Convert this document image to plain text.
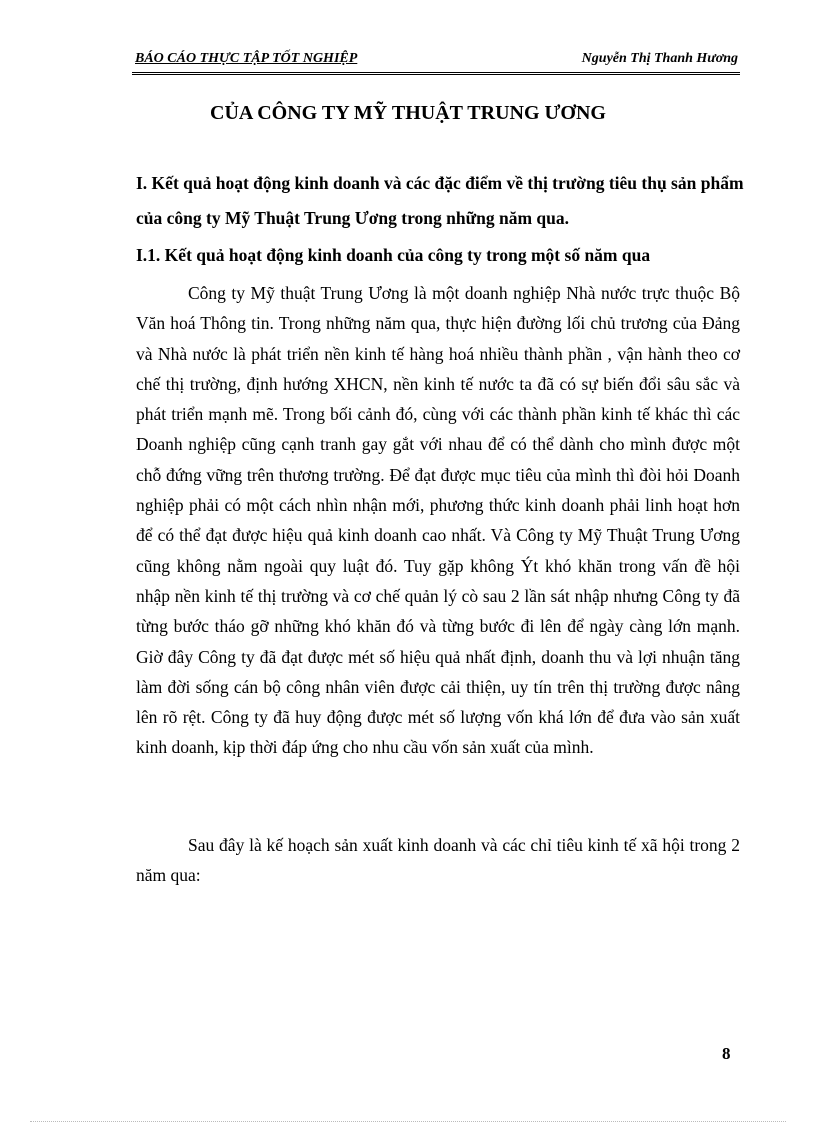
BÁO CÁO THỰC TẬP TỐT NGHIỆP	Nguyễn Thị Thanh Hương
CỦA CÔNG TY MỸ THUẬT TRUNG ƯƠNG
I. Kết quả hoạt động kinh doanh và các đặc điểm về thị trường tiêu thụ sản phẩm của công ty Mỹ Thuật Trung Ương trong những năm qua.
I.1. Kết quả hoạt động kinh doanh của công ty trong một số năm qua

Công ty Mỹ thuật Trung Ương là một doanh nghiệp Nhà nước trực thuộc Bộ Văn hoá Thông tin. Trong những năm qua, thực hiện đường lối chủ trương của Đảng và Nhà nước là phát triển nền kinh tế hàng hoá nhiều thành phần , vận hành theo cơ chế thị trường, định hướng XHCN, nền kinh tế nước ta đã có sự biến đổi sâu sắc và phát triển mạnh mẽ. Trong bối cảnh đó, cùng với các thành phần kinh tế khác thì các Doanh nghiệp cũng cạnh tranh gay gắt với nhau để có thể dành cho mình được một chỗ đứng vững trên thương trường. Để đạt được mục tiêu của mình thì đòi hỏi Doanh nghiệp phải có một cách nhìn nhận mới, phương thức kinh doanh phải linh hoạt hơn để có thể đạt được hiệu quả kinh doanh cao nhất. Và Công ty Mỹ Thuật Trung Ương cũng không nằm ngoài quy luật đó. Tuy gặp không Ýt khó khăn trong vấn đề hội nhập nền kinh tế thị trường và cơ chế quản lý cò sau 2 lần sát nhập nhưng Công ty đã từng bước tháo gỡ những khó khăn đó và từng bước đi lên để ngày càng lớn mạnh. Giờ đây Công ty đã đạt được mét số hiệu quả nhất định, doanh thu và lợi nhuận tăng làm đời sống cán bộ công nhân viên được cải thiện, uy tín trên thị trường được nâng lên rõ rệt. Công ty đã huy động được mét số lượng vốn khá lớn để đưa vào sản xuất kinh doanh, kịp thời đáp ứng cho nhu cầu vốn sản xuất của mình.

Sau đây là kế hoạch sản xuất kinh doanh và các chỉ tiêu kinh tế xã hội trong 2 năm qua:

8
